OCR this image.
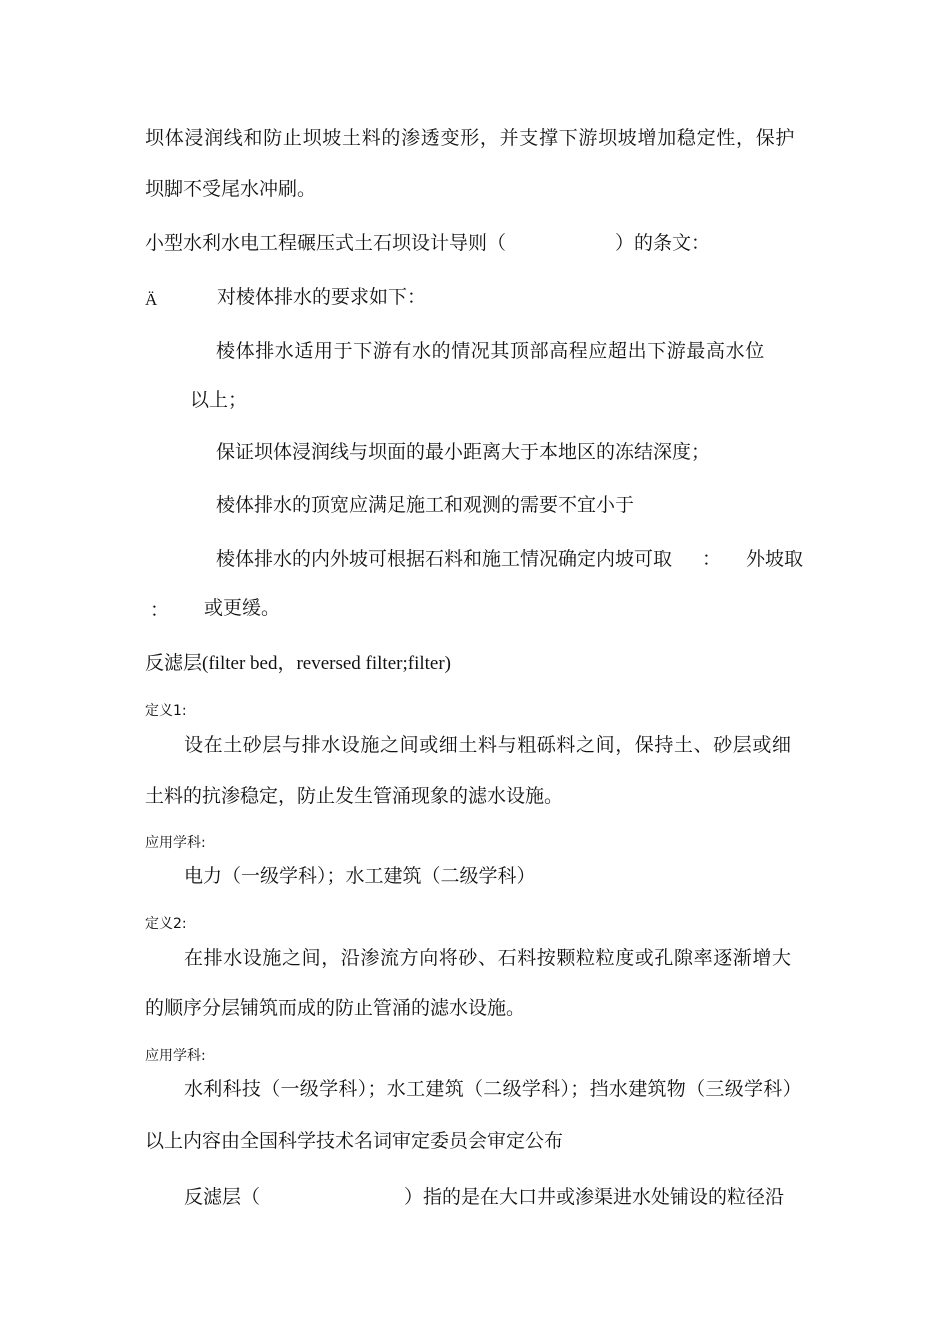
坝体浸润线和防止坝坡土料的渗透变形，并支撑下游坝坡增加稳定性，保护
坝脚不受尾水冲刷。
小型水利水电工程碾压式土石坝设计导则（	）的条文：
Ä	对棱体排水的要求如下：
棱体排水适用于下游有水的情况其顶部高程应超出下游最高水位
以上；
保证坝体浸润线与坝面的最小距离大于本地区的冻结深度；
棱体排水的顶宽应满足施工和观测的需要不宜小于
棱体排水的内外坡可根据石料和施工情况确定内坡可取 ： 外坡取
： 或更缓。
反滤层(filter bed，reversed filter;filter)
定义1:
设在土砂层与排水设施之间或细土料与粗砾料之间，保持土、砂层或细
土料的抗渗稳定，防止发生管涌现象的滤水设施。
应用学科:
电力（一级学科）；水工建筑（二级学科）
定义2:
在排水设施之间，沿渗流方向将砂、石料按颗粒粒度或孔隙率逐渐增大
的顺序分层铺筑而成的防止管涌的滤水设施。
应用学科:
水利科技（一级学科）；水工建筑（二级学科）；挡水建筑物（三级学科）
以上内容由全国科学技术名词审定委员会审定公布
反滤层（	）指的是在大口井或渗渠进水处铺设的粒径沿
